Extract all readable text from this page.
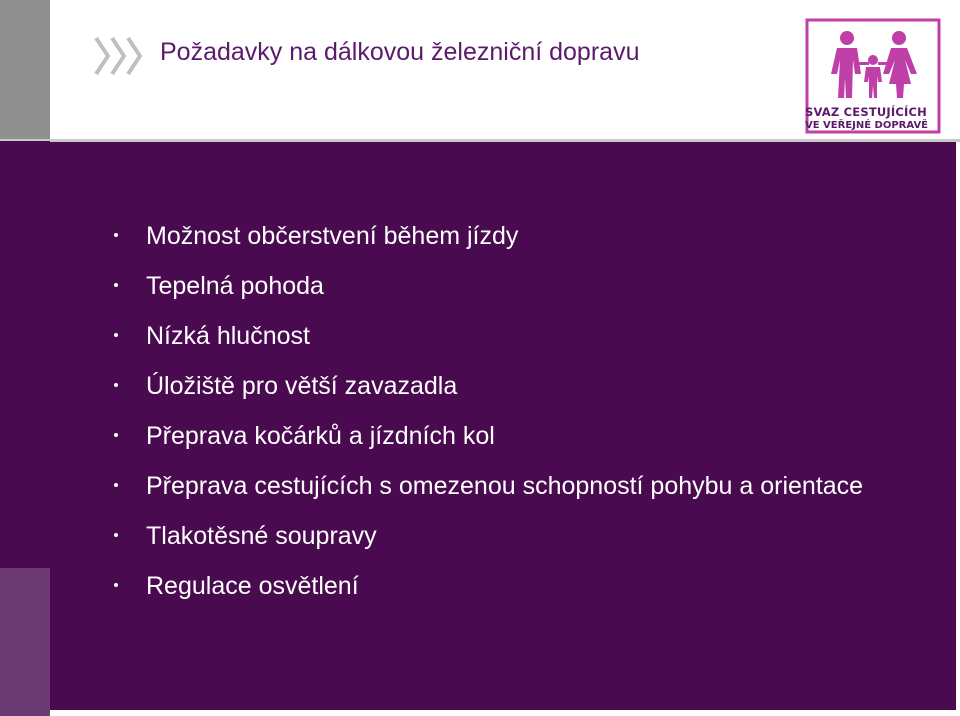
Požadavky na dálkovou železniční dopravu
SVAZ CESTUJÍCÍCH
VE VEŘEJNÉ DOPRAVĚ
Možnost občerstvení během jízdy
Tepelná pohoda
Nízká hlučnost
Úložiště pro větší zavazadla
Přeprava kočárků a jízdních kol
Přeprava cestujících s omezenou schopností pohybu a orientace
Tlakotěsné soupravy
Regulace osvětlení
